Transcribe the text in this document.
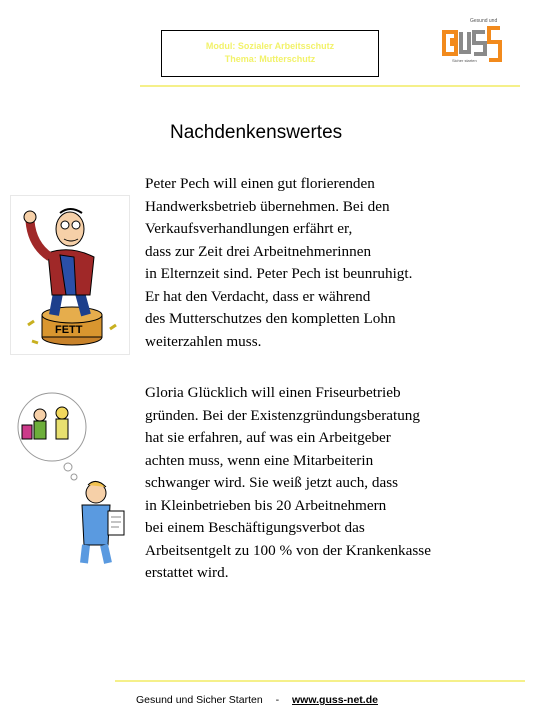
Modul: Sozialer Arbeitsschutz
Thema: Mutterschutz
Gesund und
Sicher starten
Nachdenkenswertes
FETT

Peter Pech will einen gut florierenden
Handwerksbetrieb übernehmen. Bei den
Verkaufsverhandlungen erfährt er,
dass zur Zeit drei Arbeitnehmerinnen
in Elternzeit sind. Peter Pech ist beunruhigt.
Er hat den Verdacht, dass er während
des Mutterschutzes den kompletten Lohn
weiterzahlen muss.

Gloria Glücklich will einen Friseurbetrieb
gründen. Bei der Existenzgründungsberatung
hat sie erfahren, auf was ein Arbeitgeber
achten muss, wenn eine Mitarbeiterin
schwanger wird. Sie weiß jetzt auch, dass
in Kleinbetrieben bis 20 Arbeitnehmern
bei einem Beschäftigungsverbot das
Arbeitsentgelt zu 100 % von der Krankenkasse
erstattet wird.

Gesund und Sicher Starten - www.guss-net.de
